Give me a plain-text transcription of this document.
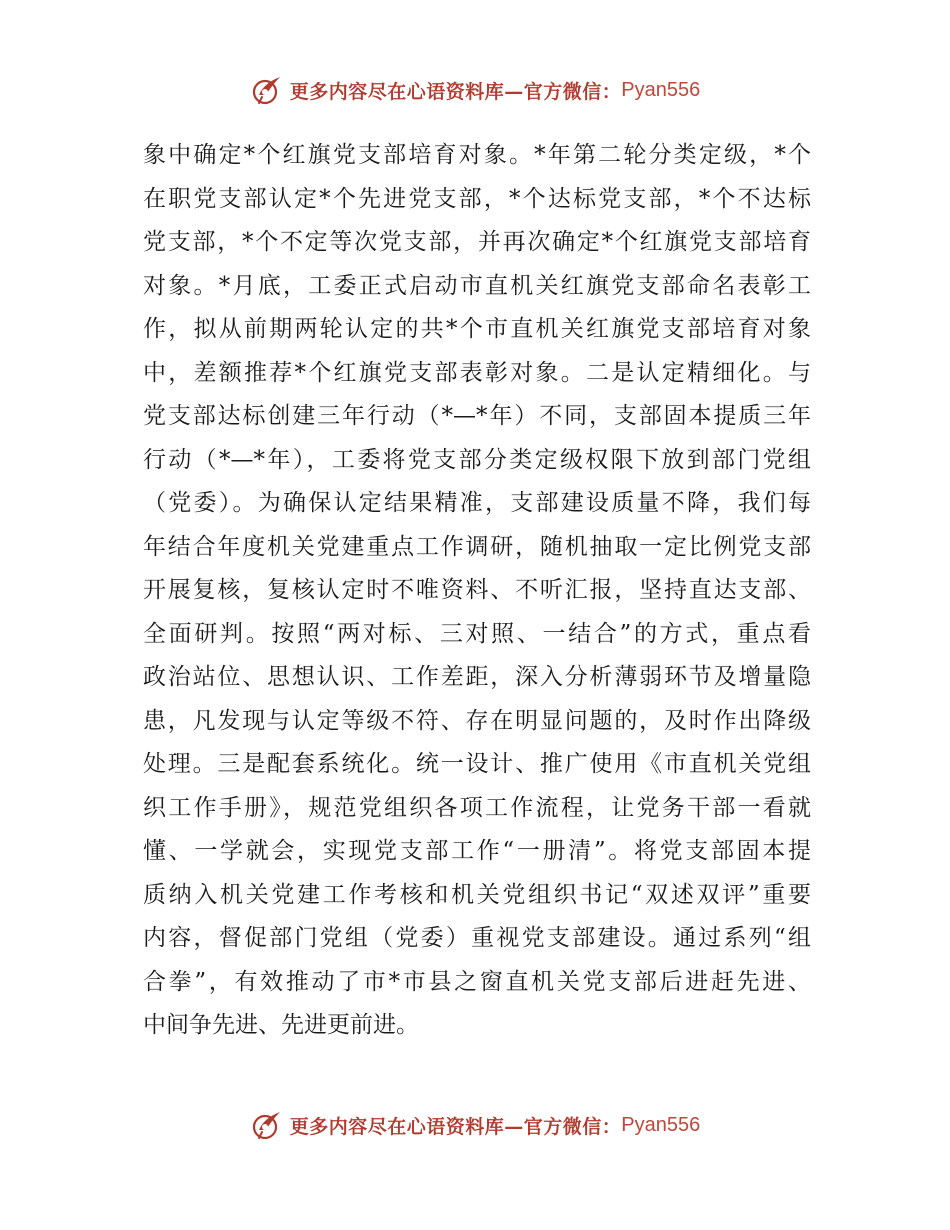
更多内容尽在心语资料库—官方微信： Pyan556
象中确定*个红旗党支部培育对象。*年第二轮分类定级，*个
在职党支部认定*个先进党支部，*个达标党支部，*个不达标
党支部，*个不定等次党支部，并再次确定*个红旗党支部培育
对象。*月底，工委正式启动市直机关红旗党支部命名表彰工
作，拟从前期两轮认定的共*个市直机关红旗党支部培育对象
中，差额推荐*个红旗党支部表彰对象。二是认定精细化。与
党支部达标创建三年行动（*—*年）不同，支部固本提质三年
行动（*—*年），工委将党支部分类定级权限下放到部门党组
（党委）。为确保认定结果精准，支部建设质量不降，我们每
年结合年度机关党建重点工作调研，随机抽取一定比例党支部
开展复核，复核认定时不唯资料、不听汇报，坚持直达支部、
全面研判。按照“两对标、三对照、一结合”的方式，重点看
政治站位、思想认识、工作差距，深入分析薄弱环节及增量隐
患，凡发现与认定等级不符、存在明显问题的，及时作出降级
处理。三是配套系统化。统一设计、推广使用《市直机关党组
织工作手册》，规范党组织各项工作流程，让党务干部一看就
懂、一学就会，实现党支部工作“一册清”。将党支部固本提
质纳入机关党建工作考核和机关党组织书记“双述双评”重要
内容，督促部门党组（党委）重视党支部建设。通过系列“组
合拳”，有效推动了市*市县之窗直机关党支部后进赶先进、
中间争先进、先进更前进。
更多内容尽在心语资料库—官方微信： Pyan556
